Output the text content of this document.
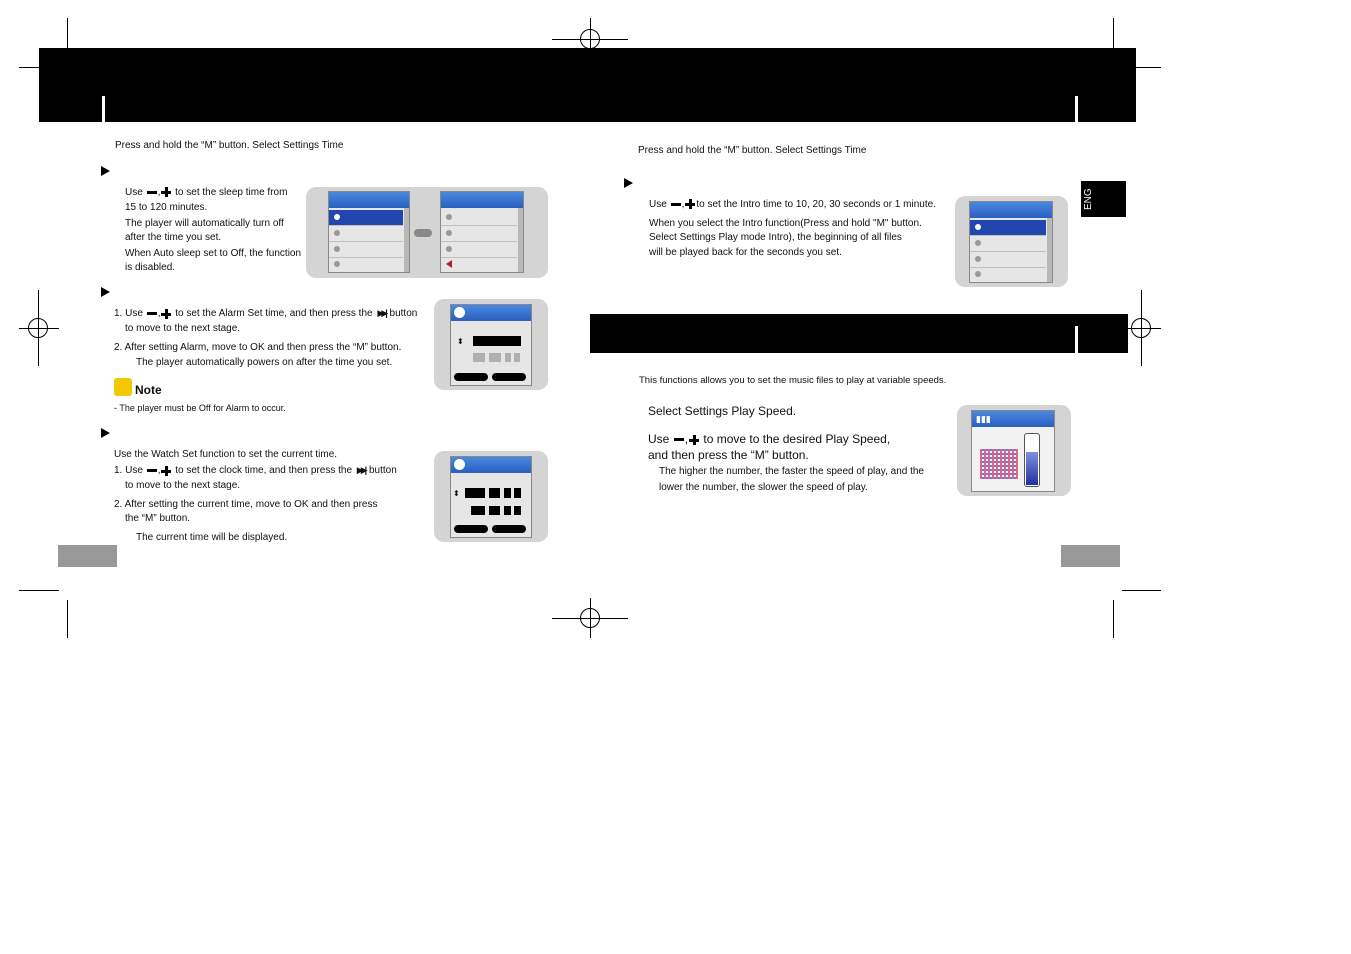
ENG
Press and hold the “M” button. Select Settings Time
Use , to set the sleep time from
15 to 120 minutes.
The player will automatically turn off
after the time you set.
When Auto sleep set to Off, the function
is disabled.
1. Use , to set the Alarm Set time, and then press the ▶▶| button
to move to the next stage.
2. After setting Alarm, move to OK and then press the “M” button.
The player automatically powers on after the time you set.
⬍
Note
- The player must be Off for Alarm to occur.
Use the Watch Set function to set the current time.
1. Use , to set the clock time, and then press the ▶▶| button
to move to the next stage.
2. After setting the current time, move to OK and then press
the “M” button.
The current time will be displayed.
⬍
Press and hold the “M” button. Select Settings Time
Use , to set the Intro time to 10, 20, 30 seconds or 1 minute.
When you select the Intro function(Press and hold "M" button.
Select Settings Play mode Intro), the beginning of all files
will be played back for the seconds you set.
This functions allows you to set the music files to play at variable speeds.
Select Settings Play Speed.
Use , to move to the desired Play Speed,
and then press the “M” button.
The higher the number, the faster the speed of play, and the
lower the number, the slower the speed of play.
▮▮▮
